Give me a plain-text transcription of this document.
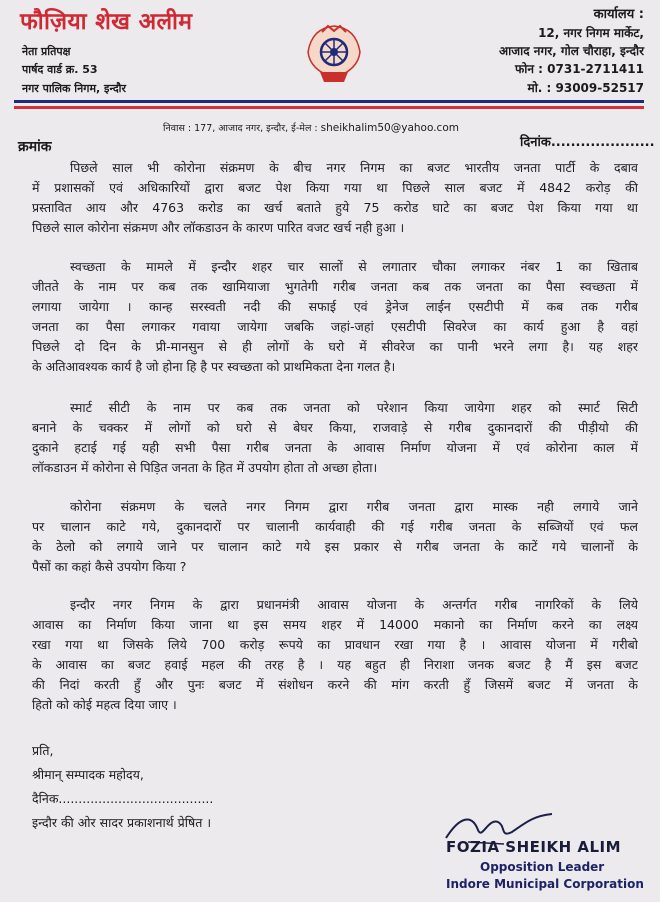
फौज़िया शेख अलीम
नेता प्रतिपक्ष
पार्षद वार्ड क्र. 53
नगर पालिक निगम, इन्दौर
कार्यालय :
12, नगर निगम मार्केट,
आजाद नगर, गोल चौराहा, इन्दौर
फोन : 0731-2711411
मो. : 93009-52517
निवास : 177, आजाद नगर, इन्दौर, ई-मेल : sheikhalim50@yahoo.com
क्रमांक	दिनांक.....................
पिछले साल भी कोरोना संक्रमण के बीच नगर निगम का बजट भारतीय जनता पार्टी के दबाव
में प्रशासकों एवं अधिकारियों द्वारा बजट पेश किया गया था पिछले साल बजट में 4842 करोड़ की
प्रस्तावित आय और 4763 करोड का खर्च बताते हुये 75 करोड घाटे का बजट पेश किया गया था
पिछले साल कोरोना संक्रमण और लॉकडाउन के कारण पारित वजट खर्च नही हुआ ।
स्वच्छता के मामले में इन्दौर शहर चार सालों से लगातार चौका लगाकर नंबर 1 का खिताब
जीतते के नाम पर कब तक खामियाजा भुगतेगी गरीब जनता कब तक जनता का पैसा स्वच्छता में
लगाया जायेगा । कान्ह सरस्वती नदी की सफाई एवं ड्रेनेज लाईन एसटीपी में कब तक गरीब
जनता का पैसा लगाकर गवाया जायेगा जबकि जहां-जहां एसटीपी सिवरेज का कार्य हुआ है वहां
पिछले दो दिन के प्री-मानसुन से ही लोगों के घरो में सीवरेज का पानी भरने लगा है। यह शहर
के अतिआवश्यक कार्य है जो होना हि है पर स्वच्छता को प्राथमिकता देना गलत है।
स्मार्ट सीटी के नाम पर कब तक जनता को परेशान किया जायेगा शहर को स्मार्ट सिटी
बनाने के चक्कर में लोगों को घरो से बेघर किया, राजवाड़े से गरीब दुकानदारों की पीड़ीयो की
दुकाने हटाई गई यही सभी पैसा गरीब जनता के आवास निर्माण योजना में एवं कोरोना काल में
लॉकडाउन में कोरोना से पिड़ित जनता के हित में उपयोग होता तो अच्छा होता।
कोरोना संक्रमण के चलते नगर निगम द्वारा गरीब जनता द्वारा मास्क नही लगाये जाने
पर चालान काटे गये, दुकानदारों पर चालानी कार्यवाही की गई गरीब जनता के सब्जियों एवं फल
के ठेलो को लगाये जाने पर चालान काटे गये इस प्रकार से गरीब जनता के काटें गये चालानों के
पैसों का कहां कैसे उपयोग किया ?
इन्दौर नगर निगम के द्वारा प्रधानमंत्री आवास योजना के अन्तर्गत गरीब नागरिकों के लिये
आवास का निर्माण किया जाना था इस समय शहर में 14000 मकानो का निर्माण करने का लक्ष्य
रखा गया था जिसके लिये 700 करोड़ रूपये का प्रावधान रखा गया है । आवास योजना में गरीबो
के आवास का बजट हवाई महल की तरह है । यह बहुत ही निराशा जनक बजट है मैं इस बजट
की निदां करती हुँ और पुनः बजट में संशोधन करने की मांग करती हुँ जिसमें बजट में जनता के
हितो को कोई महत्व दिया जाए ।
प्रति,
श्रीमान् सम्पादक महोदय,
दैनिक.......................................
इन्दौर की ओर सादर प्रकाशनार्थ प्रेषित ।
FOZIA SHEIKH ALIM
Opposition Leader
Indore Municipal Corporation
